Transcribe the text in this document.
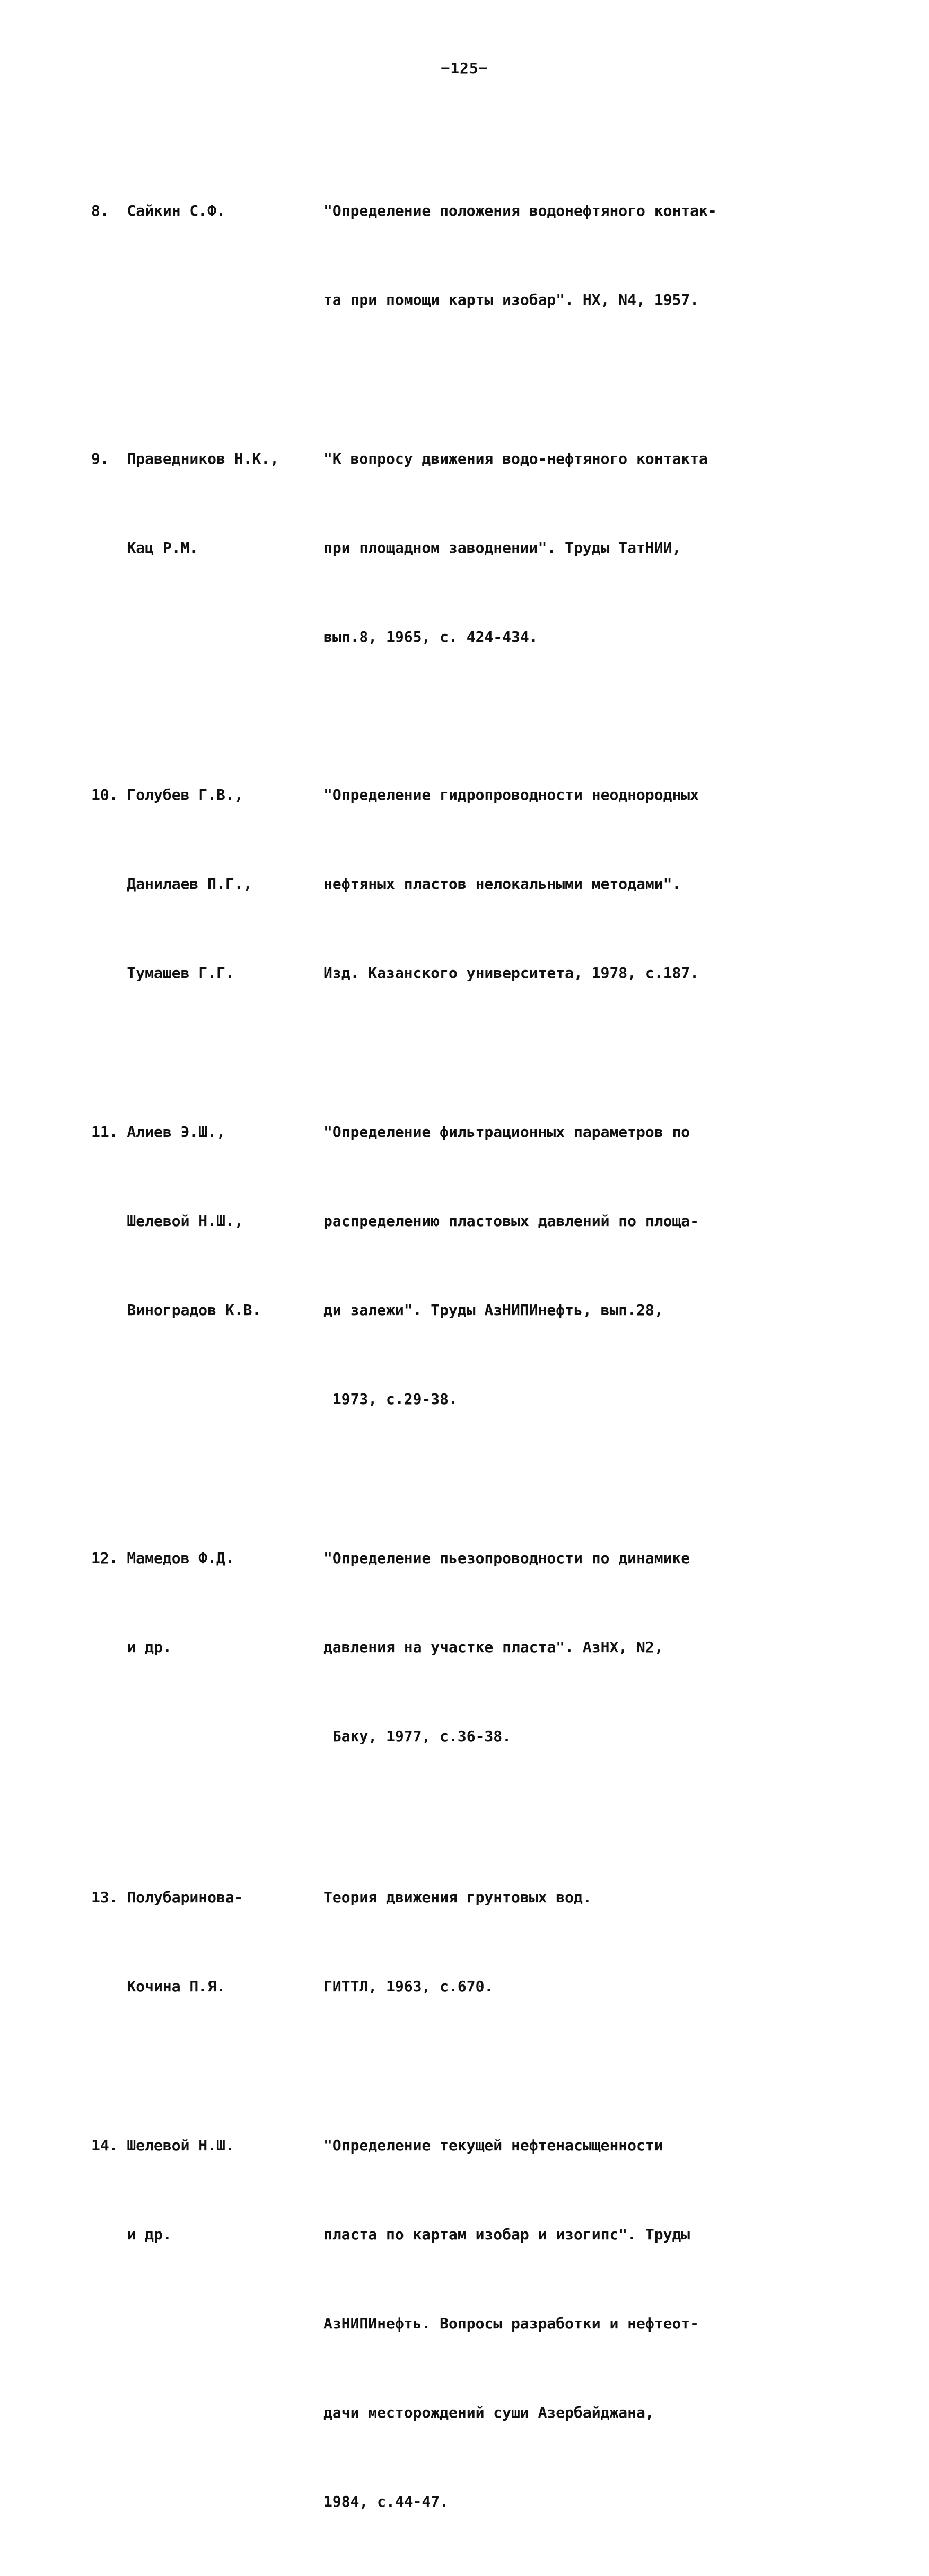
−125−

8.  Сайкин С.Ф.

	"Определение положения водонефтяного контак-

та при помощи карты изобар". НХ, N4, 1957.

9.  Праведников Н.К.,

Кац Р.М.

"К вопросу движения водо-нефтяного контакта

при площадном заводнении". Труды ТатНИИ,

вып.8, 1965, с. 424-434.

10. Голубев Г.В.,

Данилаев П.Г.,

Тумашев Г.Г.

"Определение гидропроводности неоднородных

нефтяных пластов нелокальными методами".

Изд. Казанского университета, 1978, с.187.

11. Алиев Э.Ш.,

Шелевой Н.Ш.,

Виноградов К.В.

"Определение фильтрационных параметров по

распределению пластовых давлений по площа-

ди залежи". Труды АзНИПИнефть, вып.28,

1973, с.29-38.

12. Мамедов Ф.Д.

и др.

"Определение пьезопроводности по динамике

давления на участке пласта". АзНХ, N2,

Баку, 1977, с.36-38.

13. Полубаринова-

Кочина П.Я.

Теория движения грунтовых вод.

ГИТТЛ, 1963, с.670.

14. Шелевой Н.Ш.

и др.

"Определение текущей нефтенасыщенности

пласта по картам изобар и изогипс". Труды

АзНИПИнефть. Вопросы разработки и нефтеот-

дачи месторождений суши Азербайджана,

1984, с.44-47.
